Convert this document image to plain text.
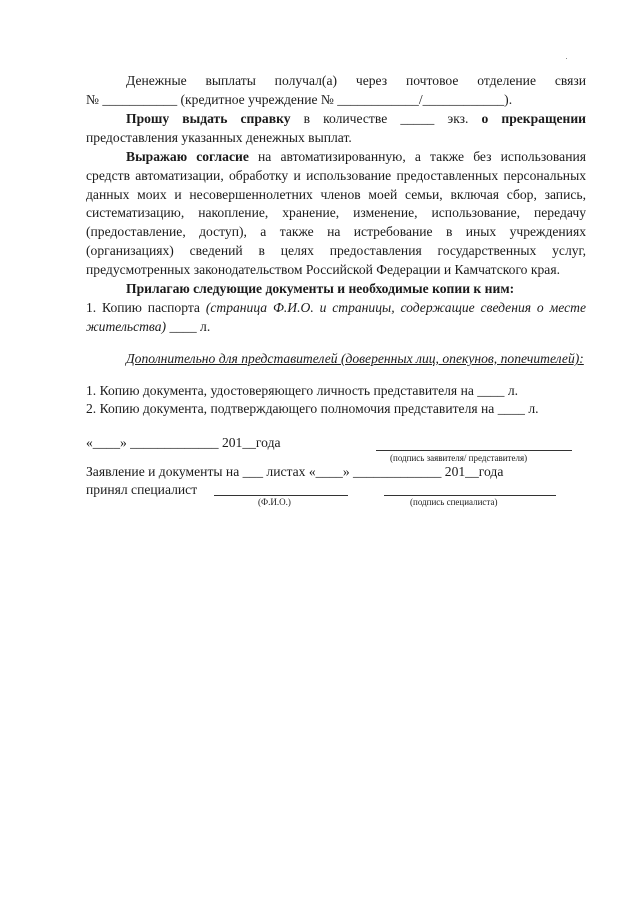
Денежные выплаты получал(а) через почтовое отделение связи
№ ___________ (кредитное учреждение № ____________/____________).
Прошу выдать справку в количестве _____ экз. о прекращении предоставления указанных денежных выплат.
Выражаю согласие на автоматизированную, а также без использования средств автоматизации, обработку и использование предоставленных персональных данных моих и несовершеннолетних членов моей семьи, включая сбор, запись, систематизацию, накопление, хранение, изменение, использование, передачу (предоставление, доступ), а также на истребование в иных учреждениях (организациях) сведений в целях предоставления государственных услуг, предусмотренных законодательством Российской Федерации и Камчатского края.
Прилагаю следующие документы и необходимые копии к ним:
1. Копию паспорта (страница Ф.И.О. и страницы, содержащие сведения о месте жительства) ____ л.
Дополнительно для представителей (доверенных лиц, опекунов, попечителей):
1. Копию документа, удостоверяющего личность представителя на ____ л.
2. Копию документа, подтверждающего полномочия представителя на ____ л.
«____» _____________ 201__года
(подпись заявителя/ представителя)
Заявление и документы на ___ листах «____» _____________ 201__года
принял специалист
(Ф.И.О.)	(подпись специалиста)
